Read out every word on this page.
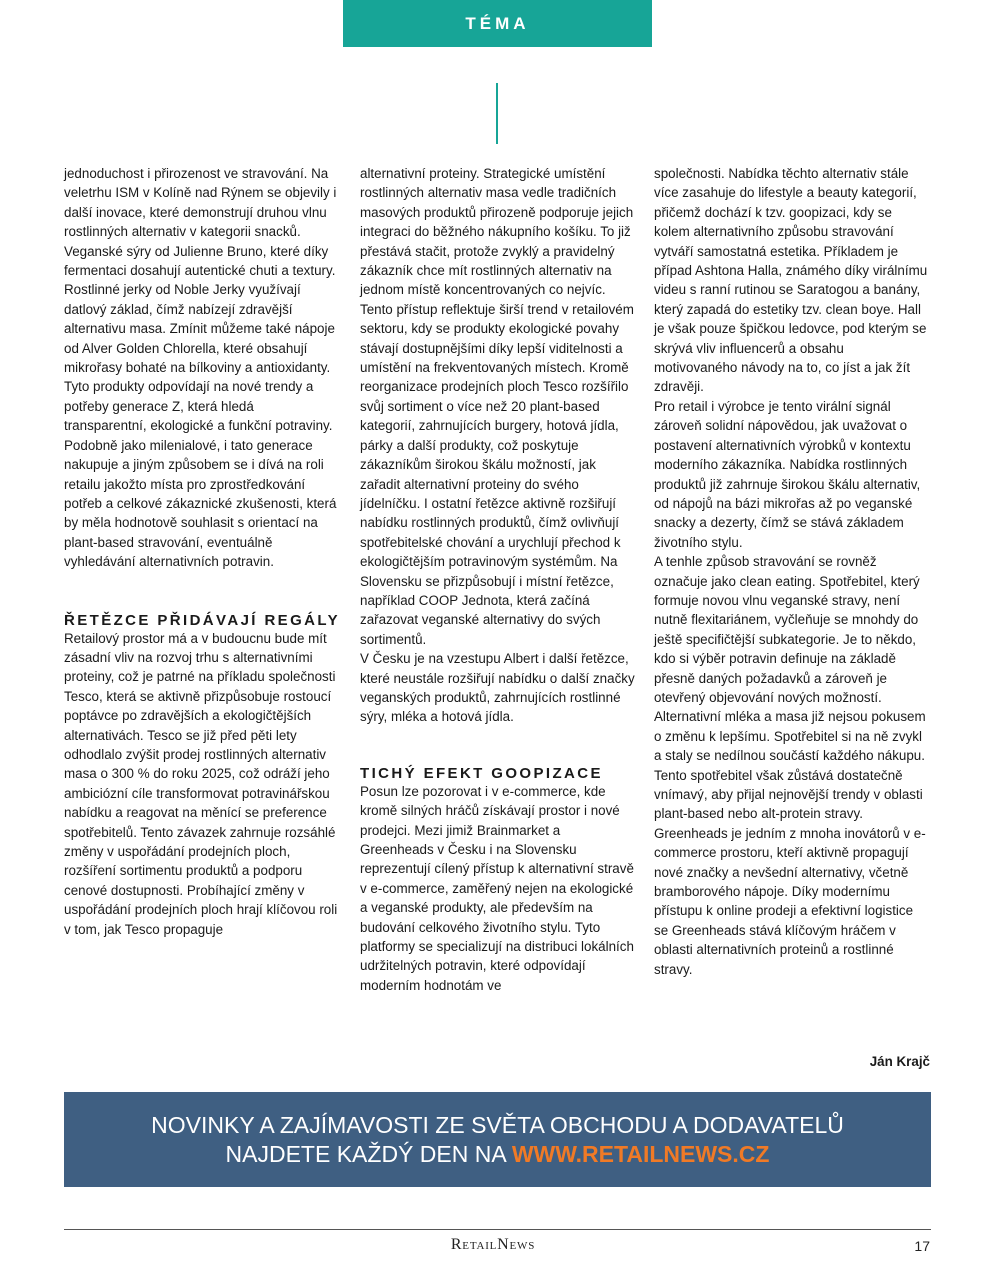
TÉMA

jednoduchost i přirozenost ve stravování. Na veletrhu ISM v Kolíně nad Rýnem se objevily i další inovace, které demonstrují druhou vlnu rostlinných alternativ v kategorii snacků. Veganské sýry od Julienne Bruno, které díky fermentaci dosahují autentické chuti a textury. Rostlinné jerky od Noble Jerky využívají datlový základ, čímž nabízejí zdravější alternativu masa. Zmínit můžeme také nápoje od Alver Golden Chlorella, které obsahují mikrořasy bohaté na bílkoviny a antioxidanty. Tyto produkty odpovídají na nové trendy a potřeby generace Z, která hledá transparentní, ekologické a funkční potraviny.

Podobně jako milenialové, i tato generace nakupuje a jiným způsobem se i dívá na roli retailu jakožto místa pro zprostředkování potřeb a celkové zákaznické zkušenosti, která by měla hodnotově souhlasit s orientací na plant-based stravování, eventuálně vyhledávání alternativních potravin.

ŘETĚZCE PŘIDÁVAJÍ REGÁLY

Retailový prostor má a v budoucnu bude mít zásadní vliv na rozvoj trhu s alternativními proteiny, což je patrné na příkladu společnosti Tesco, která se aktivně přizpůsobuje rostoucí poptávce po zdravějších a ekologičtějších alternativách. Tesco se již před pěti lety odhodlalo zvýšit prodej rostlinných alternativ masa o 300 % do roku 2025, což odráží jeho ambiciózní cíle transformovat potravinářskou nabídku a reagovat na měnící se preference spotřebitelů. Tento závazek zahrnuje rozsáhlé změny v uspořádání prodejních ploch, rozšíření sortimentu produktů a podporu cenové dostupnosti. Probíhající změny v uspořádání prodejních ploch hrají klíčovou roli v tom, jak Tesco propaguje

alternativní proteiny. Strategické umístění rostlinných alternativ masa vedle tradičních masových produktů přirozeně podporuje jejich integraci do běžného nákupního košíku. To již přestává stačit, protože zvyklý a pravidelný zákazník chce mít rostlinných alternativ na jednom místě koncentrovaných co nejvíc. Tento přístup reflektuje širší trend v retailovém sektoru, kdy se produkty ekologické povahy stávají dostupnějšími díky lepší viditelnosti a umístění na frekventovaných místech. Kromě reorganizace prodejních ploch Tesco rozšířilo svůj sortiment o více než 20 plant-based kategorií, zahrnujících burgery, hotová jídla, párky a další produkty, což poskytuje zákazníkům širokou škálu možností, jak zařadit alternativní proteiny do svého jídelníčku. I ostatní řetězce aktivně rozšiřují nabídku rostlinných produktů, čímž ovlivňují spotřebitelské chování a urychlují přechod k ekologičtějším potravinovým systémům. Na Slovensku se přizpůsobují i místní řetězce, například COOP Jednota, která začíná zařazovat veganské alternativy do svých sortimentů.

V Česku je na vzestupu Albert i další řetězce, které neustále rozšiřují nabídku o další značky veganských produktů, zahrnujících rostlinné sýry, mléka a hotová jídla.

TICHÝ EFEKT GOOPIZACE

Posun lze pozorovat i v e-commerce, kde kromě silných hráčů získávají prostor i nové prodejci. Mezi jimiž Brainmarket a Greenheads v Česku i na Slovensku reprezentují cílený přístup k alternativní stravě v e-commerce, zaměřený nejen na ekologické a veganské produkty, ale především na budování celkového životního stylu. Tyto platformy se specializují na distribuci lokálních udržitelných potravin, které odpovídají moderním hodnotám ve

společnosti. Nabídka těchto alternativ stále více zasahuje do lifestyle a beauty kategorií, přičemž dochází k tzv. goopizaci, kdy se kolem alternativního způsobu stravování vytváří samostatná estetika. Příkladem je případ Ashtona Halla, známého díky virálnímu videu s ranní rutinou se Saratogou a banány, který zapadá do estetiky tzv. clean boye. Hall je však pouze špičkou ledovce, pod kterým se skrývá vliv influencerů a obsahu motivovaného návody na to, co jíst a jak žít zdravěji.

Pro retail i výrobce je tento virální signál zároveň solidní nápovědou, jak uvažovat o postavení alternativních výrobků v kontextu moderního zákazníka. Nabídka rostlinných produktů již zahrnuje širokou škálu alternativ, od nápojů na bázi mikrořas až po veganské snacky a dezerty, čímž se stává základem životního stylu.

A tenhle způsob stravování se rovněž označuje jako clean eating. Spotřebitel, který formuje novou vlnu veganské stravy, není nutně flexitariánem, vyčleňuje se mnohdy do ještě specifičtější subkategorie. Je to někdo, kdo si výběr potravin definuje na základě přesně daných požadavků a zároveň je otevřený objevování nových možností. Alternativní mléka a masa již nejsou pokusem o změnu k lepšímu. Spotřebitel si na ně zvykl a staly se nedílnou součástí každého nákupu. Tento spotřebitel však zůstává dostatečně vnímavý, aby přijal nejnovější trendy v oblasti plant-based nebo alt-protein stravy. Greenheads je jedním z mnoha inovátorů v e-commerce prostoru, kteří aktivně propagují nové značky a nevšední alternativy, včetně bramborového nápoje. Díky modernímu přístupu k online prodeji a efektivní logistice se Greenheads stává klíčovým hráčem v oblasti alternativních proteinů a rostlinné stravy.

Ján Krajč
NOVINKY A ZAJÍMAVOSTI ZE SVĚTA OBCHODU A DODAVATELŮ
NAJDETE KAŽDÝ DEN NA WWW.RETAILNEWS.CZ
RetailNews	17
